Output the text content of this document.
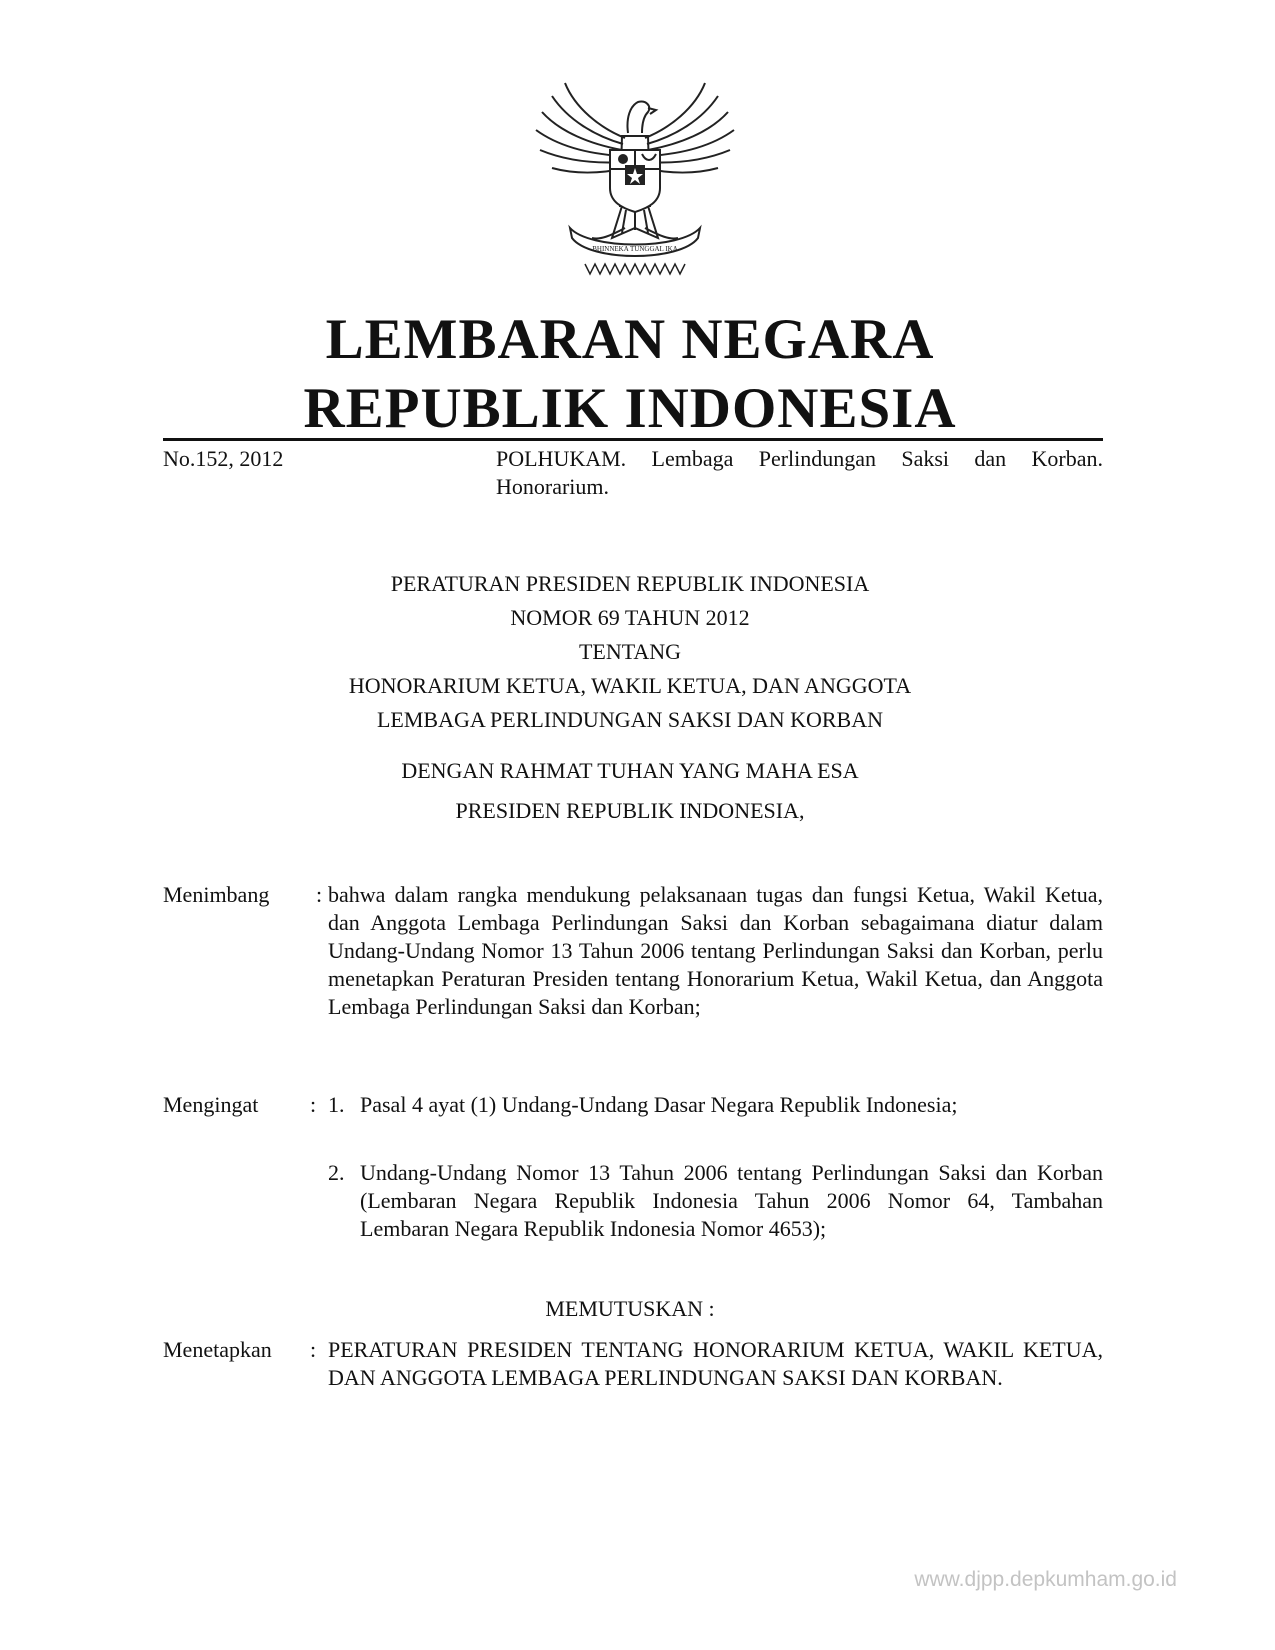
BHINNEKA TUNGGAL IKA
LEMBARAN NEGARA
REPUBLIK INDONESIA
No.152, 2012	POLHUKAM. Lembaga Perlindungan Saksi dan Korban. Honorarium.
PERATURAN PRESIDEN REPUBLIK INDONESIA
NOMOR 69 TAHUN 2012
TENTANG
HONORARIUM KETUA, WAKIL KETUA, DAN ANGGOTA
LEMBAGA PERLINDUNGAN SAKSI DAN KORBAN
DENGAN RAHMAT TUHAN YANG MAHA ESA
PRESIDEN REPUBLIK INDONESIA,
Menimbang : bahwa dalam rangka mendukung pelaksanaan tugas dan fungsi Ketua, Wakil Ketua, dan Anggota Lembaga Perlindungan Saksi dan Korban sebagaimana diatur dalam Undang-Undang Nomor 13 Tahun 2006 tentang Perlindungan Saksi dan Korban, perlu menetapkan Peraturan Presiden tentang Honorarium Ketua, Wakil Ketua, dan Anggota Lembaga Perlindungan Saksi dan Korban;
Mengingat : 1. Pasal 4 ayat (1) Undang-Undang Dasar Negara Republik Indonesia;
2. Undang-Undang Nomor 13 Tahun 2006 tentang Perlindungan Saksi dan Korban (Lembaran Negara Republik Indonesia Tahun 2006 Nomor 64, Tambahan Lembaran Negara Republik Indonesia Nomor 4653);
MEMUTUSKAN :
Menetapkan : PERATURAN PRESIDEN TENTANG HONORARIUM KETUA, WAKIL KETUA, DAN ANGGOTA LEMBAGA PERLINDUNGAN SAKSI DAN KORBAN.
www.djpp.depkumham.go.id
